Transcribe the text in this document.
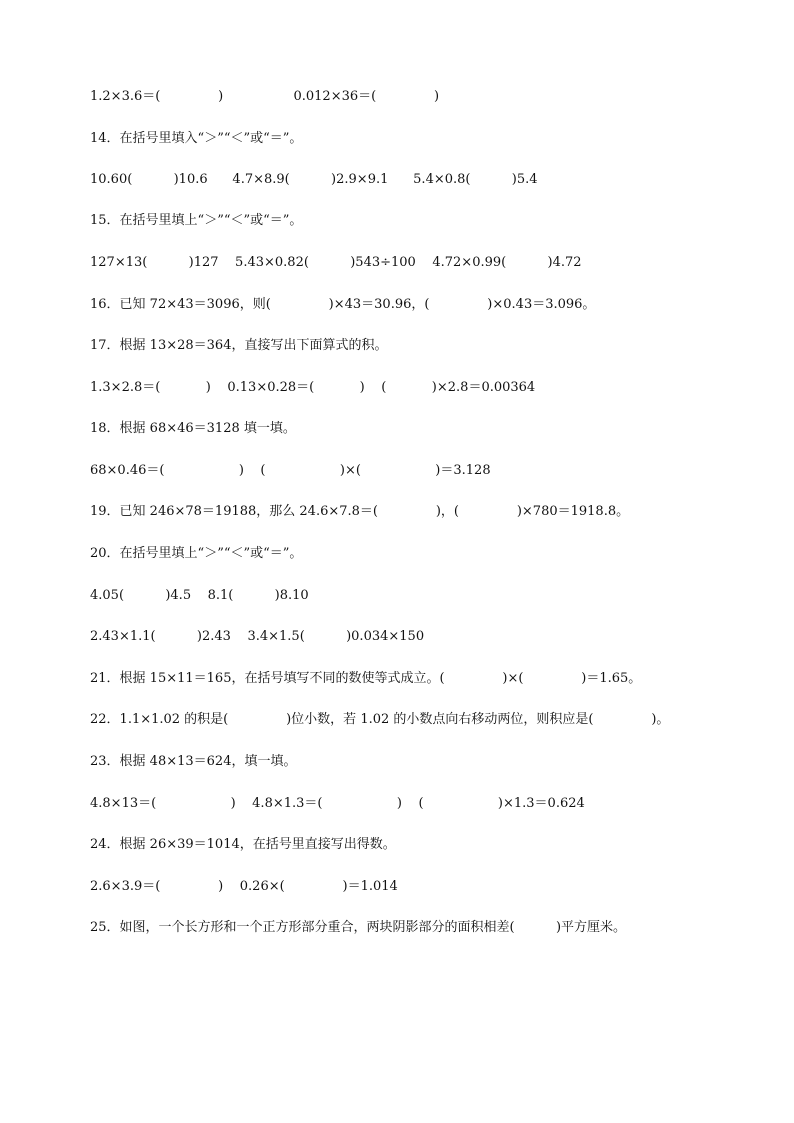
1.2×3.6＝(              )                 0.012×36＝(              )
14．在括号里填入“＞”“＜”或“＝”。
10.60(          )10.6      4.7×8.9(          )2.9×9.1      5.4×0.8(          )5.4
15．在括号里填上“＞”“＜”或“＝”。
127×13(          )127    5.43×0.82(          )543÷100    4.72×0.99(          )4.72
16．已知 72×43＝3096，则(              )×43＝30.96，(              )×0.43＝3.096。
17．根据 13×28＝364，直接写出下面算式的积。
1.3×2.8＝(           )    0.13×0.28＝(           )    (           )×2.8＝0.00364
18．根据 68×46＝3128 填一填。
68×0.46＝(                  )    (                  )×(                  )＝3.128
19．已知 246×78＝19188，那么 24.6×7.8＝(              )，(              )×780＝1918.8。
20．在括号里填上“＞”“＜”或“＝”。
4.05(          )4.5    8.1(          )8.10
2.43×1.1(          )2.43    3.4×1.5(          )0.034×150
21．根据 15×11＝165，在括号填写不同的数使等式成立。(              )×(              )＝1.65。
22．1.1×1.02 的积是(              )位小数，若 1.02 的小数点向右移动两位，则积应是(              )。
23．根据 48×13＝624，填一填。
4.8×13＝(                  )    4.8×1.3＝(                  )    (                  )×1.3＝0.624
24．根据 26×39＝1014，在括号里直接写出得数。
2.6×3.9＝(              )    0.26×(              )＝1.014
25．如图，一个长方形和一个正方形部分重合，两块阴影部分的面积相差(          )平方厘米。
